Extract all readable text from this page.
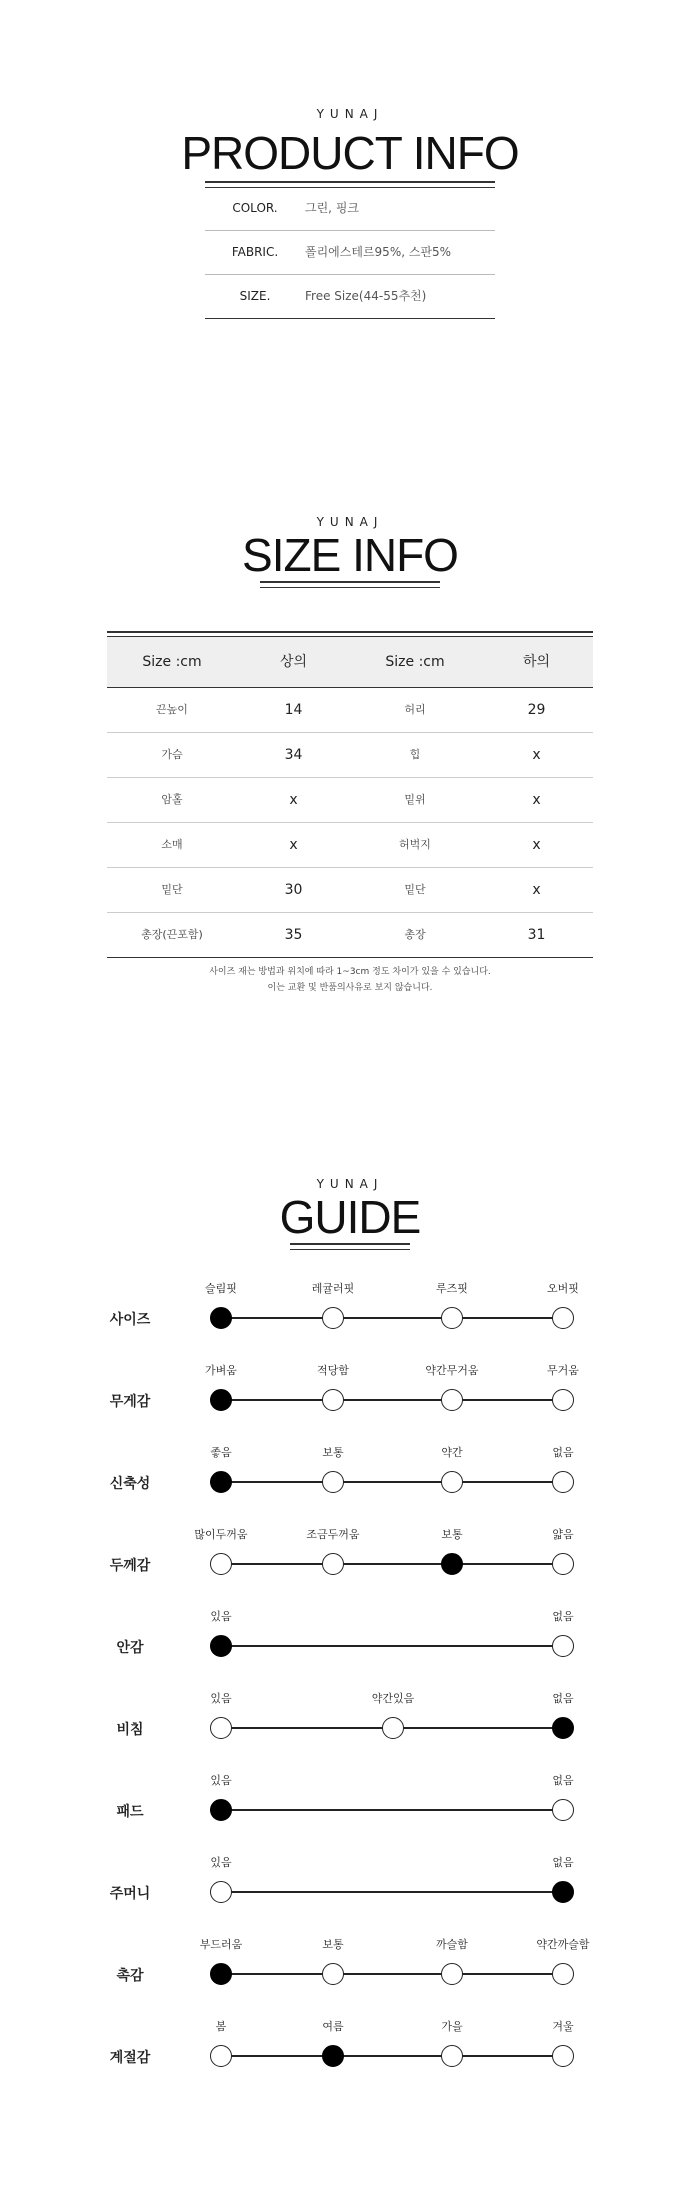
YUNAJ
PRODUCT INFO
COLOR.	그린, 핑크
FABRIC.	폴리에스테르95%, 스판5%
SIZE.	Free Size(44-55추천)
YUNAJ
SIZE INFO
Size :cm	상의	Size :cm	하의
끈높이	14	허리	29
가슴	34	힙	x
암홀	x	밑위	x
소매	x	허벅지	x
밑단	30	밑단	x
총장(끈포함)	35	총장	31
사이즈 재는 방법과 위치에 따라 1~3cm 정도 차이가 있을 수 있습니다.
이는 교환 및 반품의사유로 보지 않습니다.
YUNAJ
GUIDE
사이즈
슬림핏	레귤러핏	루즈핏	오버핏
무게감
가벼움	적당함	약간무거움	무거움
신축성
좋음	보통	약간	없음
두께감
많이두꺼움	조금두꺼움	보통	얇음
안감
있음	없음
비침
있음	약간있음	없음
패드
있음	없음
주머니
있음	없음
촉감
부드러움	보통	까슬함	약간까슬함
계절감
봄	여름	가을	겨울
